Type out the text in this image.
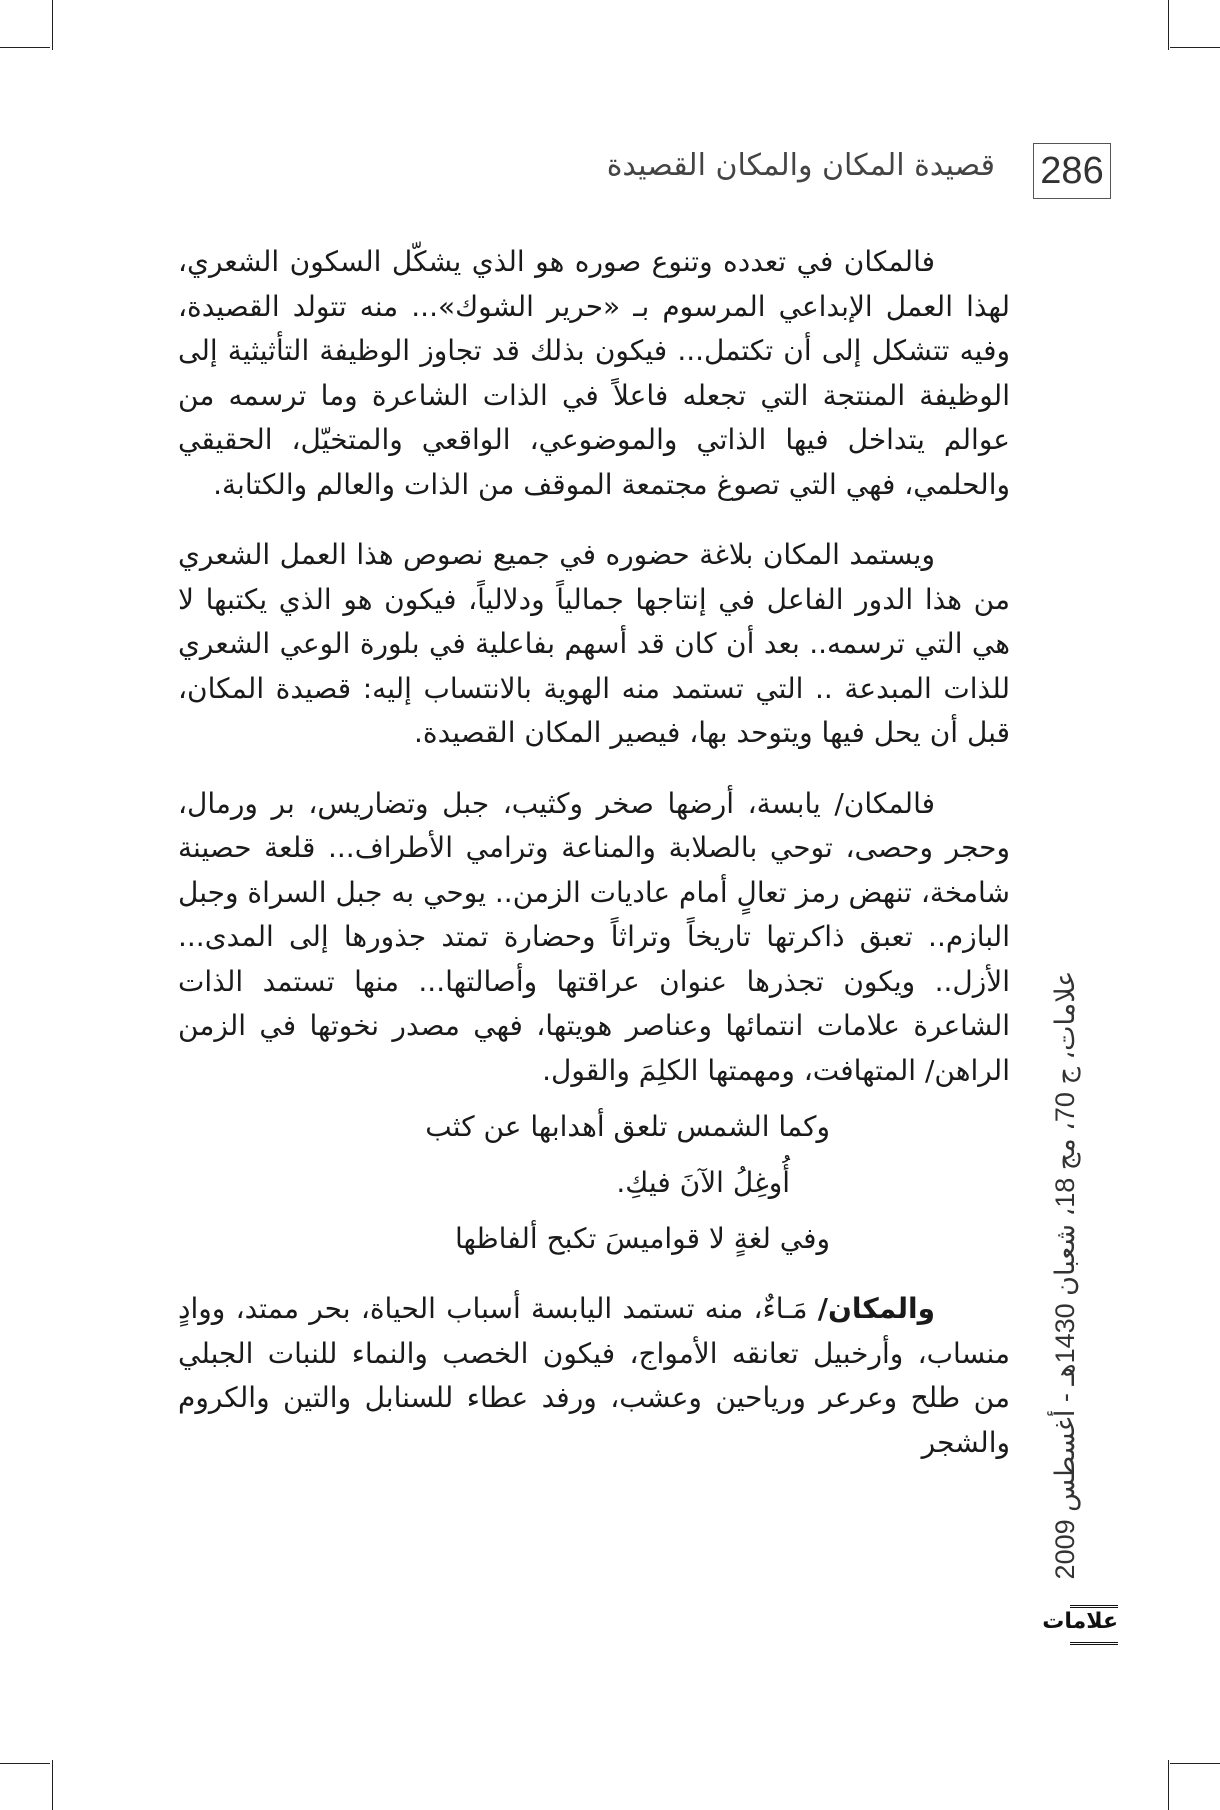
286
قصيدة المكان والمكان القصيدة

فالمكان في تعدده وتنوع صوره هو الذي يشكّل السكون الشعري، لهذا العمل الإبداعي المرسوم بـ «حرير الشوك»... منه تتولد القصيدة، وفيه تتشكل إلى أن تكتمل... فيكون بذلك قد تجاوز الوظيفة التأثيثية إلى الوظيفة المنتجة التي تجعله فاعلاً في الذات الشاعرة وما ترسمه من عوالم يتداخل فيها الذاتي والموضوعي، الواقعي والمتخيّل، الحقيقي والحلمي، فهي التي تصوغ مجتمعة الموقف من الذات والعالم والكتابة.

ويستمد المكان بلاغة حضوره في جميع نصوص هذا العمل الشعري من هذا الدور الفاعل في إنتاجها جمالياً ودلالياً، فيكون هو الذي يكتبها لا هي التي ترسمه.. بعد أن كان قد أسهم بفاعلية في بلورة الوعي الشعري للذات المبدعة .. التي تستمد منه الهوية بالانتساب إليه: قصيدة المكان، قبل أن يحل فيها ويتوحد بها، فيصير المكان القصيدة.

فالمكان/ يابسة، أرضها صخر وكثيب، جبل وتضاريس، بر ورمال، وحجر وحصى، توحي بالصلابة والمناعة وترامي الأطراف... قلعة حصينة شامخة، تنهض رمز تعالٍ أمام عاديات الزمن.. يوحي به جبل السراة وجبل البازم.. تعبق ذاكرتها تاريخاً وتراثاً وحضارة تمتد جذورها إلى المدى... الأزل.. ويكون تجذرها عنوان عراقتها وأصالتها... منها تستمد الذات الشاعرة علامات انتمائها وعناصر هويتها، فهي مصدر نخوتها في الزمن الراهن/ المتهافت، ومهمتها الكلِمَ والقول.

وكما الشمس تلعق أهدابها عن كثب

أُوغِلُ الآنَ فيكِ.

وفي لغةٍ لا قواميسَ تكبح ألفاظها

والمكان/ مَـاءٌ، منه تستمد اليابسة أسباب الحياة، بحر ممتد، ووادٍ منساب، وأرخبيل تعانقه الأمواج، فيكون الخصب والنماء للنبات الجبلي من طلح وعرعر ورياحين وعشب، ورفد عطاء للسنابل والتين والكروم والشجر

علامات، ج 70، مج 18، شعبان 1430هـ - أغسطس 2009
علامات
